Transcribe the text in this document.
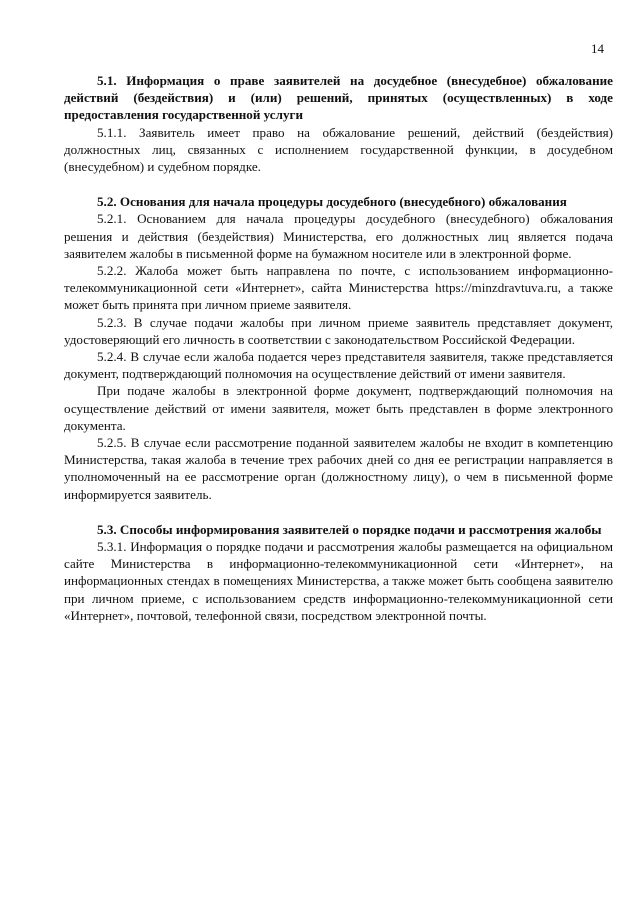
14
5.1. Информация о праве заявителей на досудебное (внесудебное) обжалование действий (бездействия) и (или) решений, принятых (осуществленных) в ходе предоставления государственной услуги

5.1.1. Заявитель имеет право на обжалование решений, действий (бездействия) должностных лиц, связанных с исполнением государственной функции, в досудебном (внесудебном) и судебном порядке.

5.2. Основания для начала процедуры досудебного (внесудебного) обжалования

5.2.1. Основанием для начала процедуры досудебного (внесудебного) обжалования решения и действия (бездействия) Министерства, его должностных лиц является подача заявителем жалобы в письменной форме на бумажном носителе или в электронной форме.

5.2.2. Жалоба может быть направлена по почте, с использованием информационно-телекоммуникационной сети «Интернет», сайта Министерства https://minzdravtuva.ru, а также может быть принята при личном приеме заявителя.

5.2.3. В случае подачи жалобы при личном приеме заявитель представляет документ, удостоверяющий его личность в соответствии с законодательством Российской Федерации.

5.2.4. В случае если жалоба подается через представителя заявителя, также представляется документ, подтверждающий полномочия на осуществление действий от имени заявителя.

При подаче жалобы в электронной форме документ, подтверждающий полномочия на осуществление действий от имени заявителя, может быть представлен в форме электронного документа.

5.2.5. В случае если рассмотрение поданной заявителем жалобы не входит в компетенцию Министерства, такая жалоба в течение трех рабочих дней со дня ее регистрации направляется в уполномоченный на ее рассмотрение орган (должностному лицу), о чем в письменной форме информируется заявитель.

5.3. Способы информирования заявителей о порядке подачи и рассмотрения жалобы

5.3.1. Информация о порядке подачи и рассмотрения жалобы размещается на официальном сайте Министерства в информационно-телекоммуникационной сети «Интернет», на информационных стендах в помещениях Министерства, а также может быть сообщена заявителю при личном приеме, с использованием средств информационно-телекоммуникационной сети «Интернет», почтовой, телефонной связи, посредством электронной почты.
